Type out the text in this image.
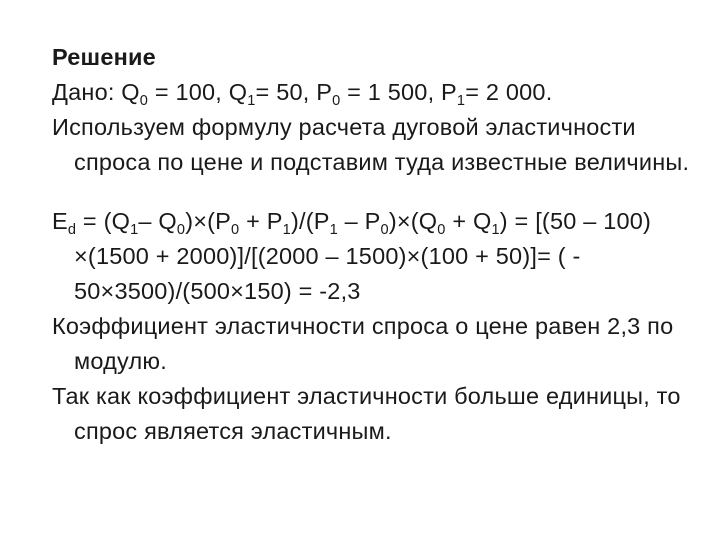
Решение

Дано: $Q_0 = 100$, $Q_1= 50$, $P_0 = 1$ 500, $P_1= 2$ 000.

Используем формулу расчета дуговой эластичности спроса по цене и подставим туда известные величины.

$E_d = (Q_1-$ $Q_0)\times(P_0 + P_1)/(P_1 - P_0)\times(Q_0 + Q_1) = [(50 - 100) \times(1500 + 2000)]/[(2000 - 1500)\times(100 + 50)]=$ ( - 50×3500)/(500×150) = -2,3

Коэффициент эластичности спроса о цене равен 2,3 по модулю.

Так как коэффициент эластичности больше единицы, то спрос является эластичным.
